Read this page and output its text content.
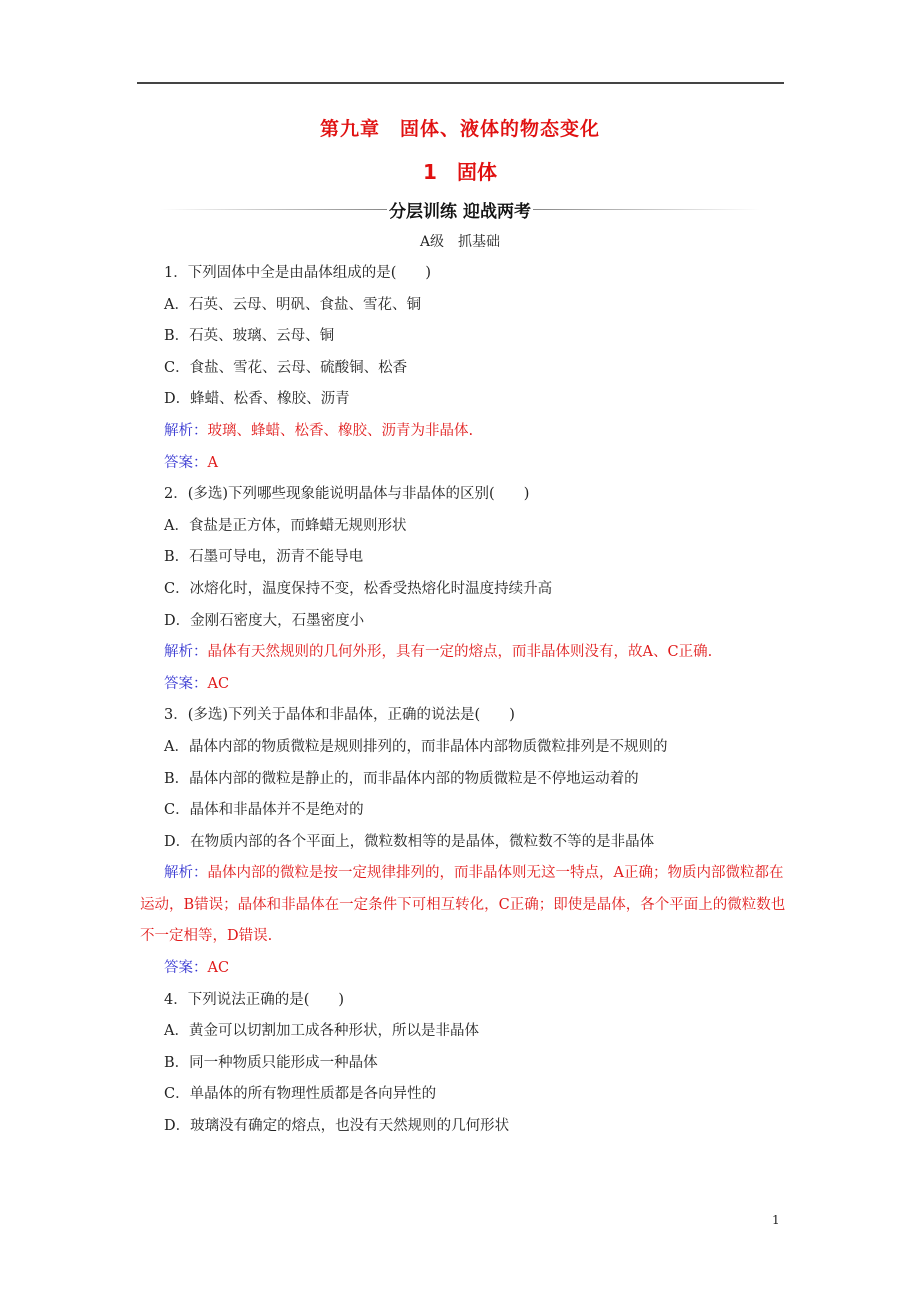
第九章　固体、液体的物态变化
1　固体
分层训练 迎战两考
A级　抓基础

1．下列固体中全是由晶体组成的是(　　)

A．石英、云母、明矾、食盐、雪花、铜

B．石英、玻璃、云母、铜

C．食盐、雪花、云母、硫酸铜、松香

D．蜂蜡、松香、橡胶、沥青

解析：玻璃、蜂蜡、松香、橡胶、沥青为非晶体.

答案：A

2．(多选)下列哪些现象能说明晶体与非晶体的区别(　　)

A．食盐是正方体，而蜂蜡无规则形状

B．石墨可导电，沥青不能导电

C．冰熔化时，温度保持不变，松香受热熔化时温度持续升高

D．金刚石密度大，石墨密度小

解析：晶体有天然规则的几何外形，具有一定的熔点，而非晶体则没有，故A、C正确.

答案：AC

3．(多选)下列关于晶体和非晶体，正确的说法是(　　)

A．晶体内部的物质微粒是规则排列的，而非晶体内部物质微粒排列是不规则的

B．晶体内部的微粒是静止的，而非晶体内部的物质微粒是不停地运动着的

C．晶体和非晶体并不是绝对的

D．在物质内部的各个平面上，微粒数相等的是晶体，微粒数不等的是非晶体

解析：晶体内部的微粒是按一定规律排列的，而非晶体则无这一特点，A正确；物质内部微粒都在运动，B错误；晶体和非晶体在一定条件下可相互转化，C正确；即使是晶体，各个平面上的微粒数也不一定相等，D错误.

答案：AC

4．下列说法正确的是(　　)

A．黄金可以切割加工成各种形状，所以是非晶体

B．同一种物质只能形成一种晶体

C．单晶体的所有物理性质都是各向异性的

D．玻璃没有确定的熔点，也没有天然规则的几何形状

1
